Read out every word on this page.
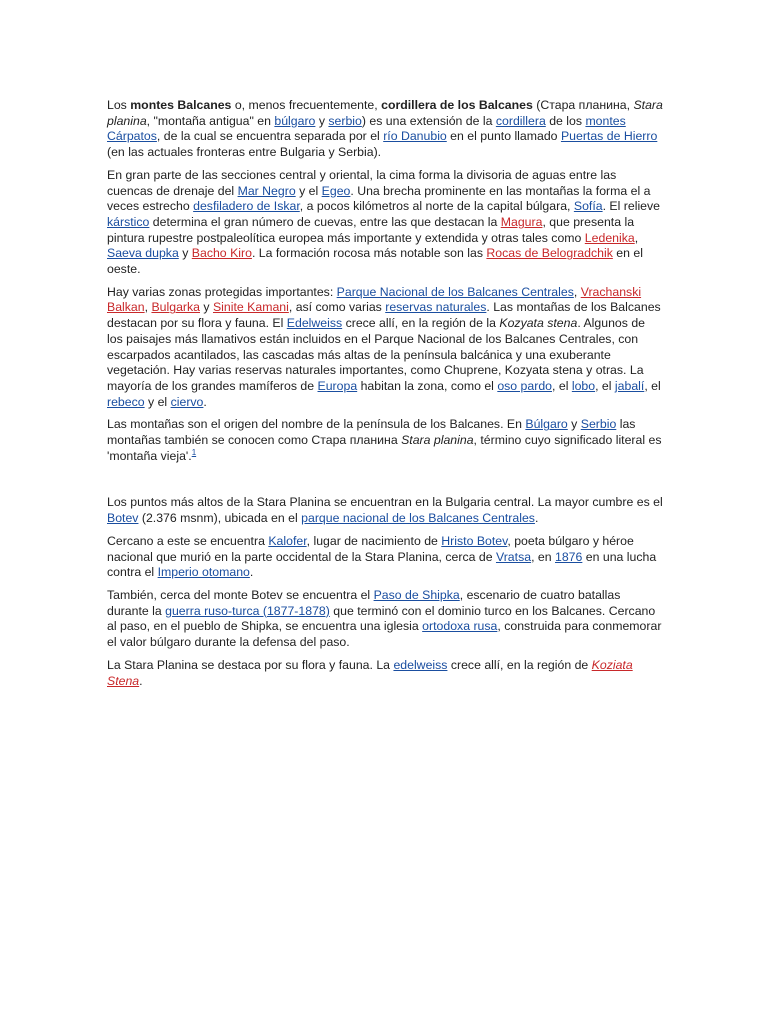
Los montes Balcanes o, menos frecuentemente, cordillera de los Balcanes (Стара планина, Stara planina, "montaña antigua" en búlgaro y serbio) es una extensión de la cordillera de los montes Cárpatos, de la cual se encuentra separada por el río Danubio en el punto llamado Puertas de Hierro (en las actuales fronteras entre Bulgaria y Serbia).

En gran parte de las secciones central y oriental, la cima forma la divisoria de aguas entre las cuencas de drenaje del Mar Negro y el Egeo. Una brecha prominente en las montañas la forma el a veces estrecho desfiladero de Iskar, a pocos kilómetros al norte de la capital búlgara, Sofía. El relieve kárstico determina el gran número de cuevas, entre las que destacan la Magura, que presenta la pintura rupestre postpaleolítica europea más importante y extendida y otras tales como Ledenika, Saeva dupka y Bacho Kiro. La formación rocosa más notable son las Rocas de Belogradchik en el oeste.

Hay varias zonas protegidas importantes: Parque Nacional de los Balcanes Centrales, Vrachanski Balkan, Bulgarka y Sinite Kamani, así como varias reservas naturales. Las montañas de los Balcanes destacan por su flora y fauna. El Edelweiss crece allí, en la región de la Kozyata stena. Algunos de los paisajes más llamativos están incluidos en el Parque Nacional de los Balcanes Centrales, con escarpados acantilados, las cascadas más altas de la península balcánica y una exuberante vegetación. Hay varias reservas naturales importantes, como Chuprene, Kozyata stena y otras. La mayoría de los grandes mamíferos de Europa habitan la zona, como el oso pardo, el lobo, el jabalí, el rebeco y el ciervo.

Las montañas son el origen del nombre de la península de los Balcanes. En Búlgaro y Serbio las montañas también se conocen como Стара планина Stara planina, término cuyo significado literal es 'montaña vieja'.$^1$

Los puntos más altos de la Stara Planina se encuentran en la Bulgaria central. La mayor cumbre es el Botev (2.376 msnm), ubicada en el parque nacional de los Balcanes Centrales.

Cercano a este se encuentra Kalofer, lugar de nacimiento de Hristo Botev, poeta búlgaro y héroe nacional que murió en la parte occidental de la Stara Planina, cerca de Vratsa, en 1876 en una lucha contra el Imperio otomano.

También, cerca del monte Botev se encuentra el Paso de Shipka, escenario de cuatro batallas durante la guerra ruso-turca (1877-1878) que terminó con el dominio turco en los Balcanes. Cercano al paso, en el pueblo de Shipka, se encuentra una iglesia ortodoxa rusa, construida para conmemorar el valor búlgaro durante la defensa del paso.

La Stara Planina se destaca por su flora y fauna. La edelweiss crece allí, en la región de Koziata Stena.
